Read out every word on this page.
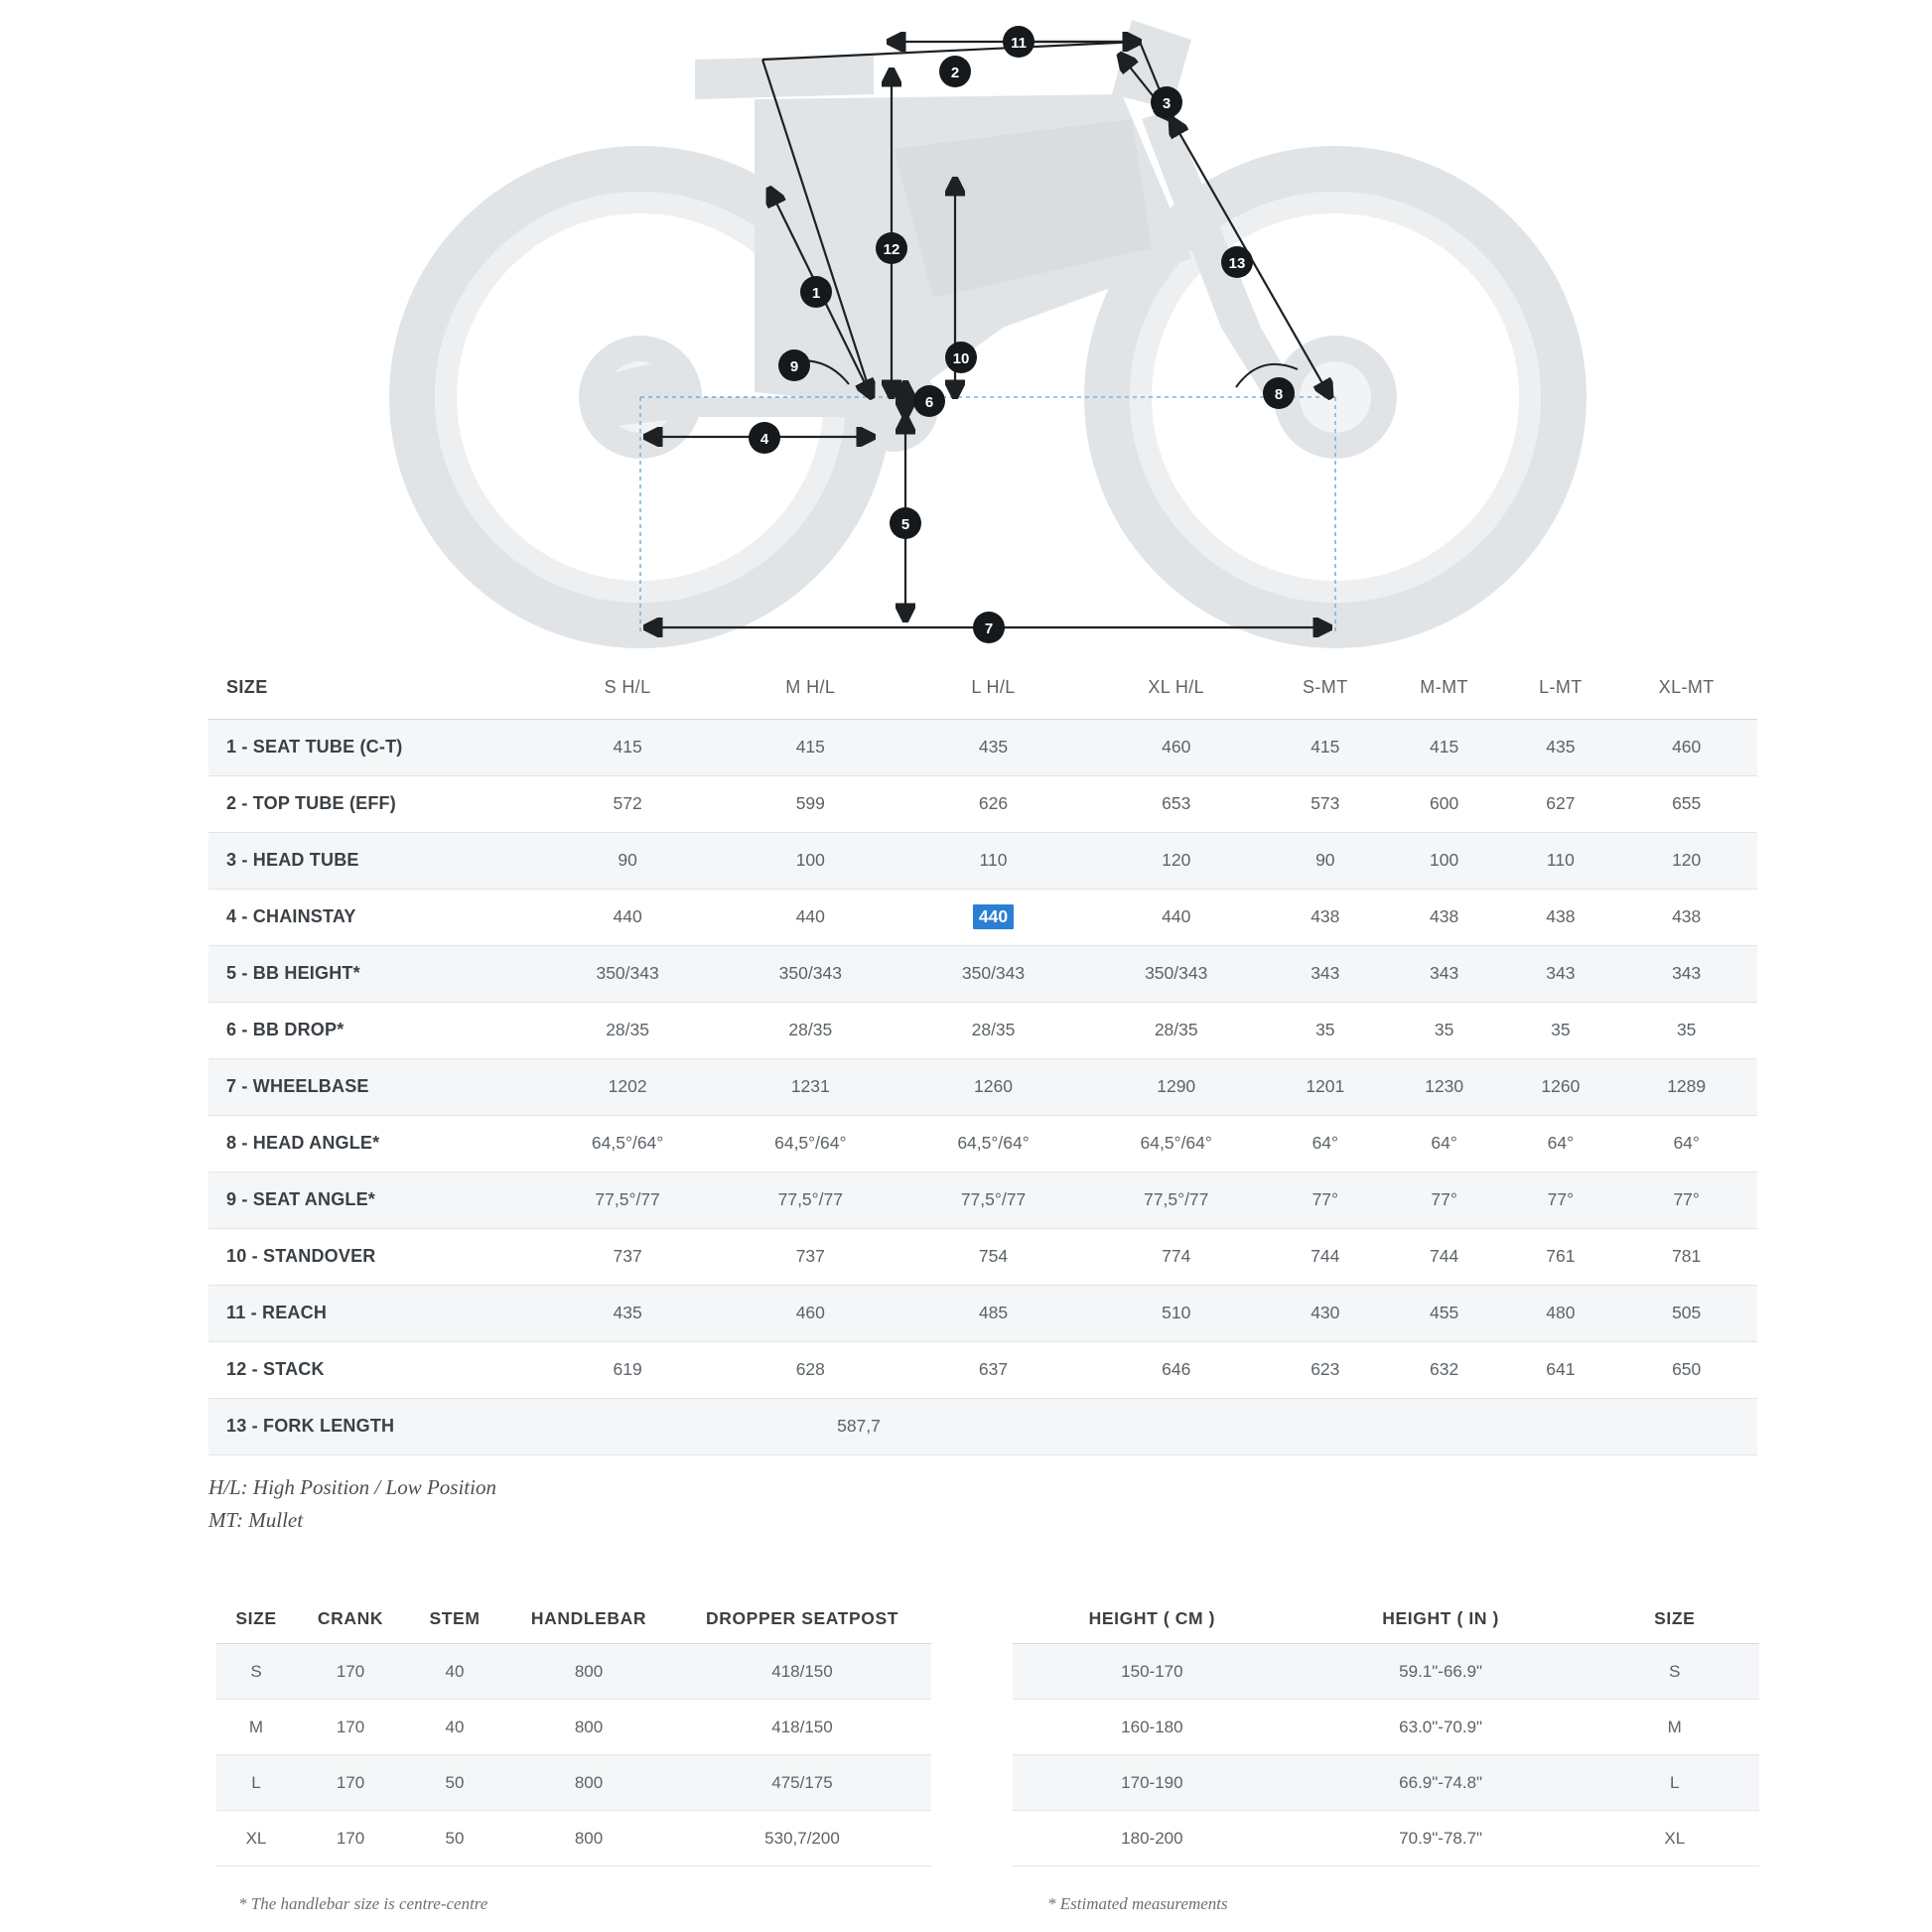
1
2
3
4
5
6
7
8
9	10
11
12
13
SIZE	S H/L	M H/L	L H/L	XL H/L	S-MT	M-MT	L-MT	XL-MT
1 - SEAT TUBE (C-T)	415	415	435	460	415	415	435	460
2 - TOP TUBE (EFF)	572	599	626	653	573	600	627	655
3 - HEAD TUBE	90	100	110	120	90	100	110	120
4 - CHAINSTAY	440	440	440	440	438	438	438	438
5 - BB HEIGHT*	350/343	350/343	350/343	350/343	343	343	343	343
6 - BB DROP*	28/35	28/35	28/35	28/35	35	35	35	35
7 - WHEELBASE	1202	1231	1260	1290	1201	1230	1260	1289
8 - HEAD ANGLE*	64,5°/64°	64,5°/64°	64,5°/64°	64,5°/64°	64°	64°	64°	64°
9 - SEAT ANGLE*	77,5°/77	77,5°/77	77,5°/77	77,5°/77	77°	77°	77°	77°
10 - STANDOVER	737	737	754	774	744	744	761	781
11 - REACH	435	460	485	510	430	455	480	505
12 - STACK	619	628	637	646	623	632	641	650
13 - FORK LENGTH	587,7							
H/L: High Position / Low Position
MT: Mullet
SIZE	CRANK	STEM	HANDLEBAR	DROPPER SEATPOST
S	170	40	800	418/150
M	170	40	800	418/150
L	170	50	800	475/175
XL	170	50	800	530,7/200
* The handlebar size is centre-centre
HEIGHT ( CM )	HEIGHT ( IN )	SIZE
150-170	59.1"-66.9"	S
160-180	63.0"-70.9"	M
170-190	66.9"-74.8"	L
180-200	70.9"-78.7"	XL
* Estimated measurements
